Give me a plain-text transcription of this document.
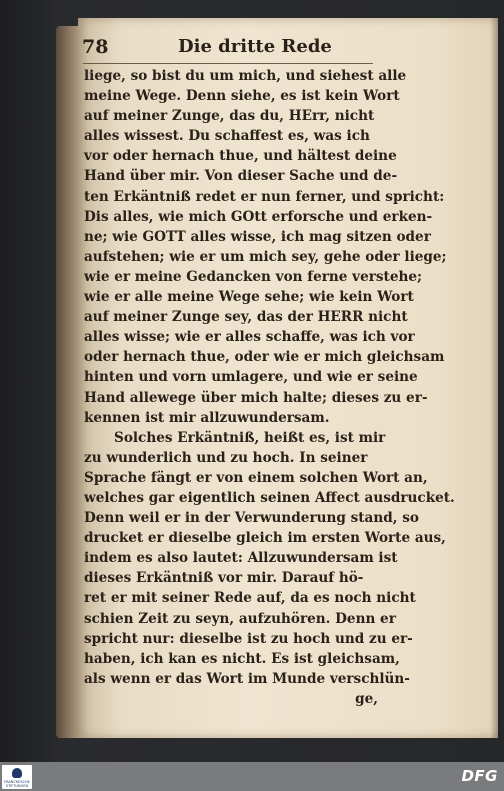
78	Die dritte Rede
liege, so bist du um mich, und siehest alle
meine Wege. Denn siehe, es ist kein Wort
auf meiner Zunge, das du, HErr, nicht
alles wissest. Du schaffest es, was ich
vor oder hernach thue, und hältest deine
Hand über mir. Von dieser Sache und de-
ten Erkäntniß redet er nun ferner, und spricht:
Dis alles, wie mich GOtt erforsche und erken-
ne; wie GOTT alles wisse, ich mag sitzen oder
aufstehen; wie er um mich sey, gehe oder liege;
wie er meine Gedancken von ferne verstehe;
wie er alle meine Wege sehe; wie kein Wort
auf meiner Zunge sey, das der HERR nicht
alles wisse; wie er alles schaffe, was ich vor
oder hernach thue, oder wie er mich gleichsam
hinten und vorn umlagere, und wie er seine
Hand allewege über mich halte; dieses zu er-
kennen ist mir allzuwundersam.
Solches Erkäntniß, heißt es, ist mir
zu wunderlich und zu hoch. In seiner
Sprache fängt er von einem solchen Wort an,
welches gar eigentlich seinen Affect ausdrucket.
Denn weil er in der Verwunderung stand, so
drucket er dieselbe gleich im ersten Worte aus,
indem es also lautet: Allzuwundersam ist
dieses Erkäntniß vor mir. Darauf hö-
ret er mit seiner Rede auf, da es noch nicht
schien Zeit zu seyn, aufzuhören. Denn er
spricht nur: dieselbe ist zu hoch und zu er-
haben, ich kan es nicht. Es ist gleichsam,
als wenn er das Wort im Munde verschlün-
ge,
FRANCKESCHE STIFTUNGEN
DFG
